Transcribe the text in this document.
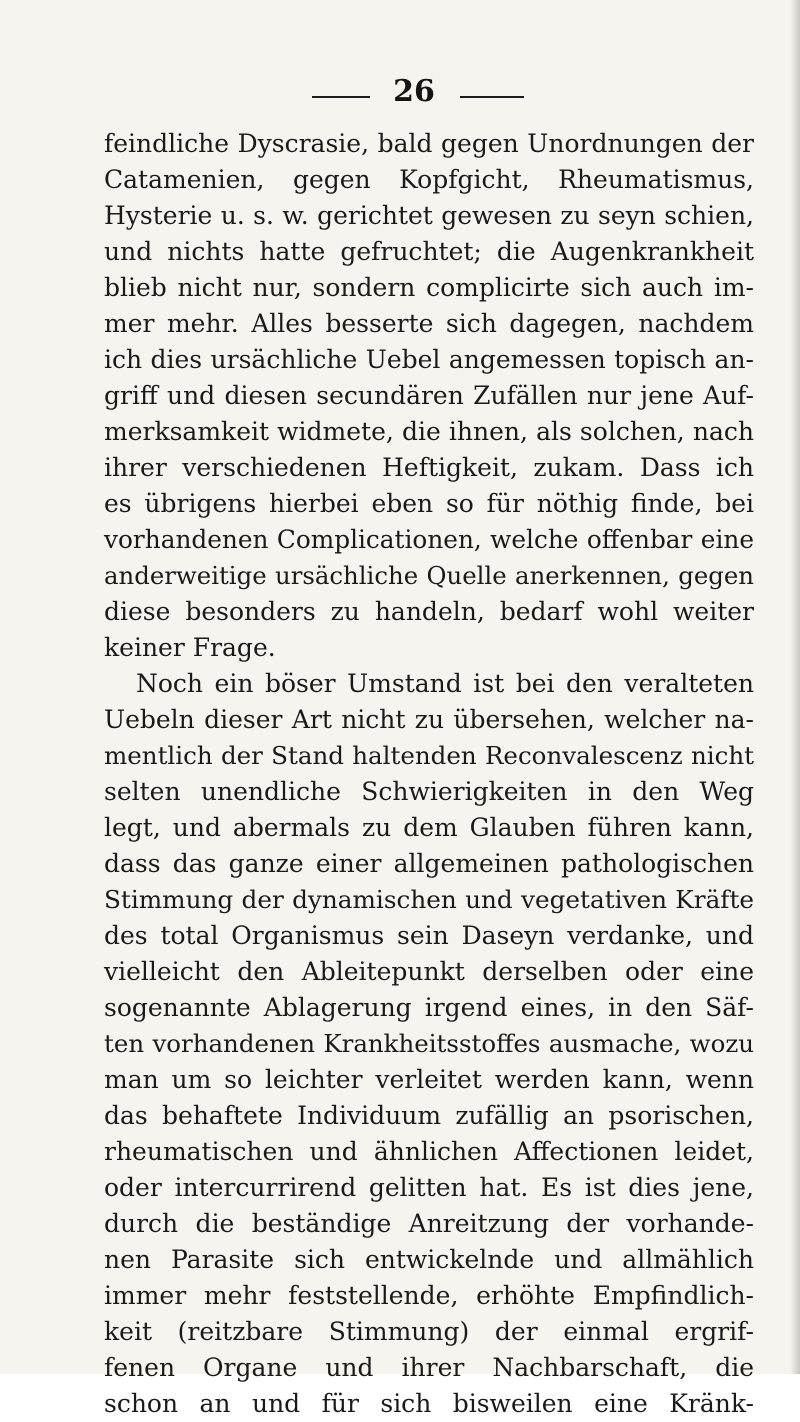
26
feindliche Dyscrasie, bald gegen Unordnungen der
Catamenien, gegen Kopfgicht, Rheumatismus,
Hysterie u. s. w. gerichtet gewesen zu seyn schien,
und nichts hatte gefruchtet; die Augenkrankheit
blieb nicht nur, sondern complicirte sich auch im-
mer mehr. Alles besserte sich dagegen, nachdem
ich dies ursächliche Uebel angemessen topisch an-
griff und diesen secundären Zufällen nur jene Auf-
merksamkeit widmete, die ihnen, als solchen, nach
ihrer verschiedenen Heftigkeit, zukam. Dass ich
es übrigens hierbei eben so für nöthig finde, bei
vorhandenen Complicationen, welche offenbar eine
anderweitige ursächliche Quelle anerkennen, gegen
diese besonders zu handeln, bedarf wohl weiter
keiner Frage.
Noch ein böser Umstand ist bei den veralteten
Uebeln dieser Art nicht zu übersehen, welcher na-
mentlich der Stand haltenden Reconvalescenz nicht
selten unendliche Schwierigkeiten in den Weg
legt, und abermals zu dem Glauben führen kann,
dass das ganze einer allgemeinen pathologischen
Stimmung der dynamischen und vegetativen Kräfte
des total Organismus sein Daseyn verdanke, und
vielleicht den Ableitepunkt derselben oder eine
sogenannte Ablagerung irgend eines, in den Säf-
ten vorhandenen Krankheitsstoffes ausmache, wozu
man um so leichter verleitet werden kann, wenn
das behaftete Individuum zufällig an psorischen,
rheumatischen und ähnlichen Affectionen leidet,
oder intercurrirend gelitten hat. Es ist dies jene,
durch die beständige Anreitzung der vorhande-
nen Parasite sich entwickelnde und allmählich
immer mehr feststellende, erhöhte Empfindlich-
keit (reitzbare Stimmung) der einmal ergrif-
fenen Organe und ihrer Nachbarschaft, die
schon an und für sich bisweilen eine Kränk-
